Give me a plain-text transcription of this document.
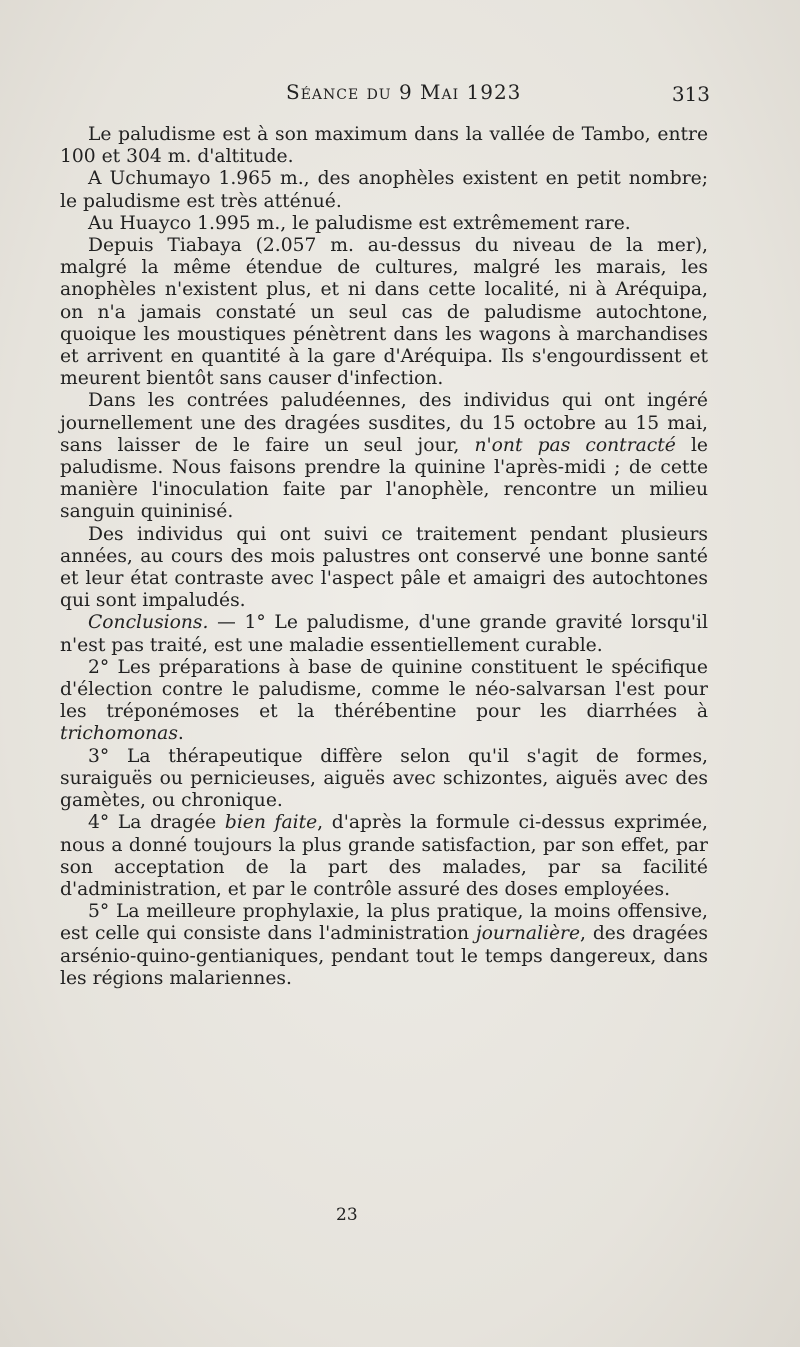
Séance du 9 Mai 1923	313

Le paludisme est à son maximum dans la vallée de Tambo, entre 100 et 304 m. d'altitude.

A Uchumayo 1.965 m., des anophèles existent en petit nombre; le paludisme est très atténué.

Au Huayco 1.995 m., le paludisme est extrêmement rare.

Depuis Tiabaya (2.057 m. au-dessus du niveau de la mer), malgré la même étendue de cultures, malgré les marais, les anophèles n'existent plus, et ni dans cette localité, ni à Aréquipa, on n'a jamais constaté un seul cas de paludisme autochtone, quoique les moustiques pénètrent dans les wagons à marchandises et arrivent en quantité à la gare d'Aréquipa. Ils s'engourdissent et meurent bientôt sans causer d'infection.

Dans les contrées paludéennes, des individus qui ont ingéré journellement une des dragées susdites, du 15 octobre au 15 mai, sans laisser de le faire un seul jour, n'ont pas contracté le paludisme. Nous faisons prendre la quinine l'après-midi ; de cette manière l'inoculation faite par l'anophèle, rencontre un milieu sanguin quininisé.

Des individus qui ont suivi ce traitement pendant plusieurs années, au cours des mois palustres ont conservé une bonne santé et leur état contraste avec l'aspect pâle et amaigri des autochtones qui sont impaludés.

Conclusions. — 1° Le paludisme, d'une grande gravité lorsqu'il n'est pas traité, est une maladie essentiellement curable.

2° Les préparations à base de quinine constituent le spécifique d'élection contre le paludisme, comme le néo-salvarsan l'est pour les tréponémoses et la thérébentine pour les diarrhées à trichomonas.

3° La thérapeutique diffère selon qu'il s'agit de formes, suraiguës ou pernicieuses, aiguës avec schizontes, aiguës avec des gamètes, ou chronique.

4° La dragée bien faite, d'après la formule ci-dessus exprimée, nous a donné toujours la plus grande satisfaction, par son effet, par son acceptation de la part des malades, par sa facilité d'administration, et par le contrôle assuré des doses employées.

5° La meilleure prophylaxie, la plus pratique, la moins offensive, est celle qui consiste dans l'administration journalière, des dragées arsénio-quino-gentianiques, pendant tout le temps dangereux, dans les régions malariennes.

23
